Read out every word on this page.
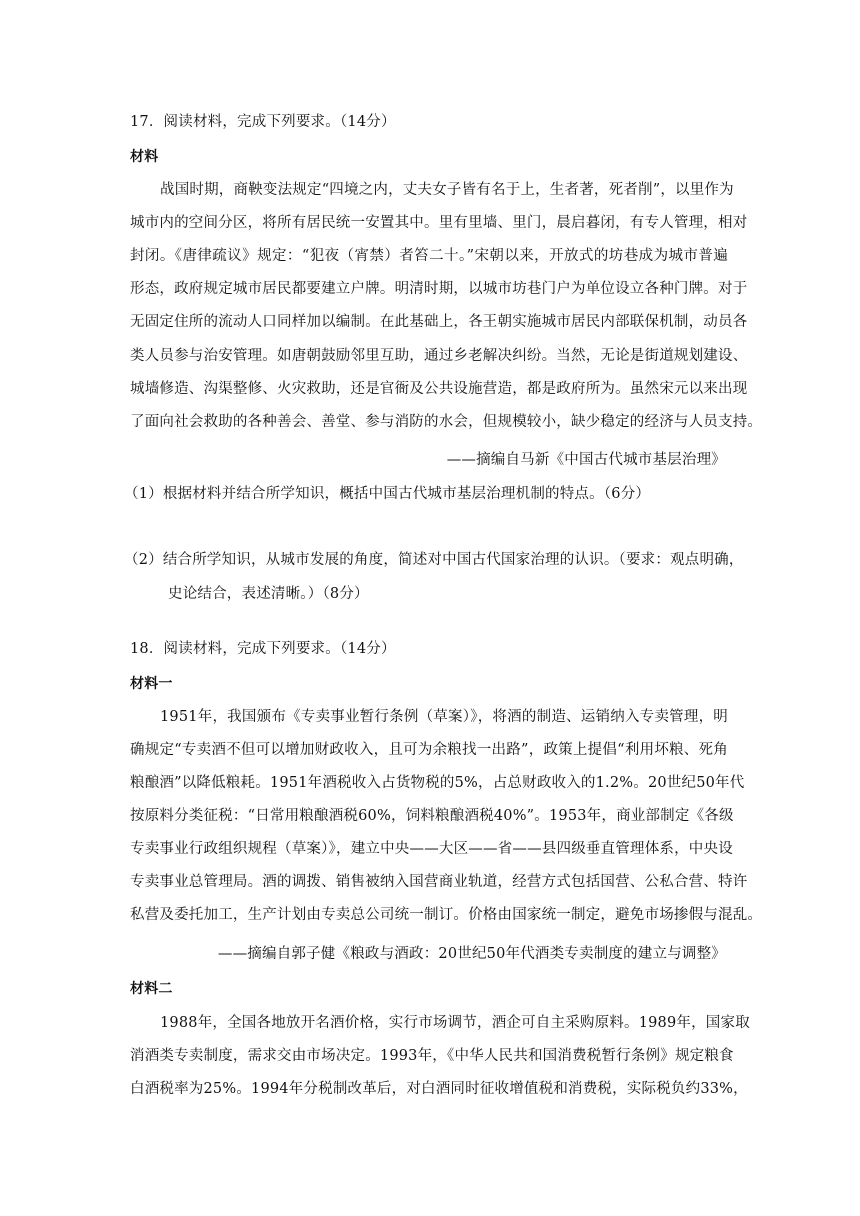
17．阅读材料，完成下列要求。（14分）
材料
战国时期，商鞅变法规定“四境之内，丈夫女子皆有名于上，生者著，死者削”，以里作为
城市内的空间分区，将所有居民统一安置其中。里有里墙、里门，晨启暮闭，有专人管理，相对
封闭。《唐律疏议》规定：“犯夜（宵禁）者笞二十。”宋朝以来，开放式的坊巷成为城市普遍
形态，政府规定城市居民都要建立户牌。明清时期，以城市坊巷门户为单位设立各种门牌。对于
无固定住所的流动人口同样加以编制。在此基础上，各王朝实施城市居民内部联保机制，动员各
类人员参与治安管理。如唐朝鼓励邻里互助，通过乡老解决纠纷。当然，无论是街道规划建设、
城墙修造、沟渠整修、火灾救助，还是官衙及公共设施营造，都是政府所为。虽然宋元以来出现
了面向社会救助的各种善会、善堂、参与消防的水会，但规模较小，缺少稳定的经济与人员支持。
——摘编自马新《中国古代城市基层治理》
（1）根据材料并结合所学知识，概括中国古代城市基层治理机制的特点。（6分）
（2）结合所学知识，从城市发展的角度，简述对中国古代国家治理的认识。（要求：观点明确，
史论结合，表述清晰。）（8分）
18．阅读材料，完成下列要求。（14分）
材料一
1951年，我国颁布《专卖事业暂行条例（草案）》，将酒的制造、运销纳入专卖管理，明
确规定“专卖酒不但可以增加财政收入，且可为余粮找一出路”，政策上提倡“利用坏粮、死角
粮酿酒”以降低粮耗。1951年酒税收入占货物税的5%，占总财政收入的1.2%。20世纪50年代
按原料分类征税：“日常用粮酿酒税60%，饲料粮酿酒税40%”。1953年，商业部制定《各级
专卖事业行政组织规程（草案）》，建立中央——大区——省——县四级垂直管理体系，中央设
专卖事业总管理局。酒的调拨、销售被纳入国营商业轨道，经营方式包括国营、公私合营、特许
私营及委托加工，生产计划由专卖总公司统一制订。价格由国家统一制定，避免市场掺假与混乱。
——摘编自郭子健《粮政与酒政：20世纪50年代酒类专卖制度的建立与调整》
材料二
1988年，全国各地放开名酒价格，实行市场调节，酒企可自主采购原料。1989年，国家取
消酒类专卖制度，需求交由市场决定。1993年，《中华人民共和国消费税暂行条例》规定粮食
白酒税率为25%。1994年分税制改革后，对白酒同时征收增值税和消费税，实际税负约33%，
